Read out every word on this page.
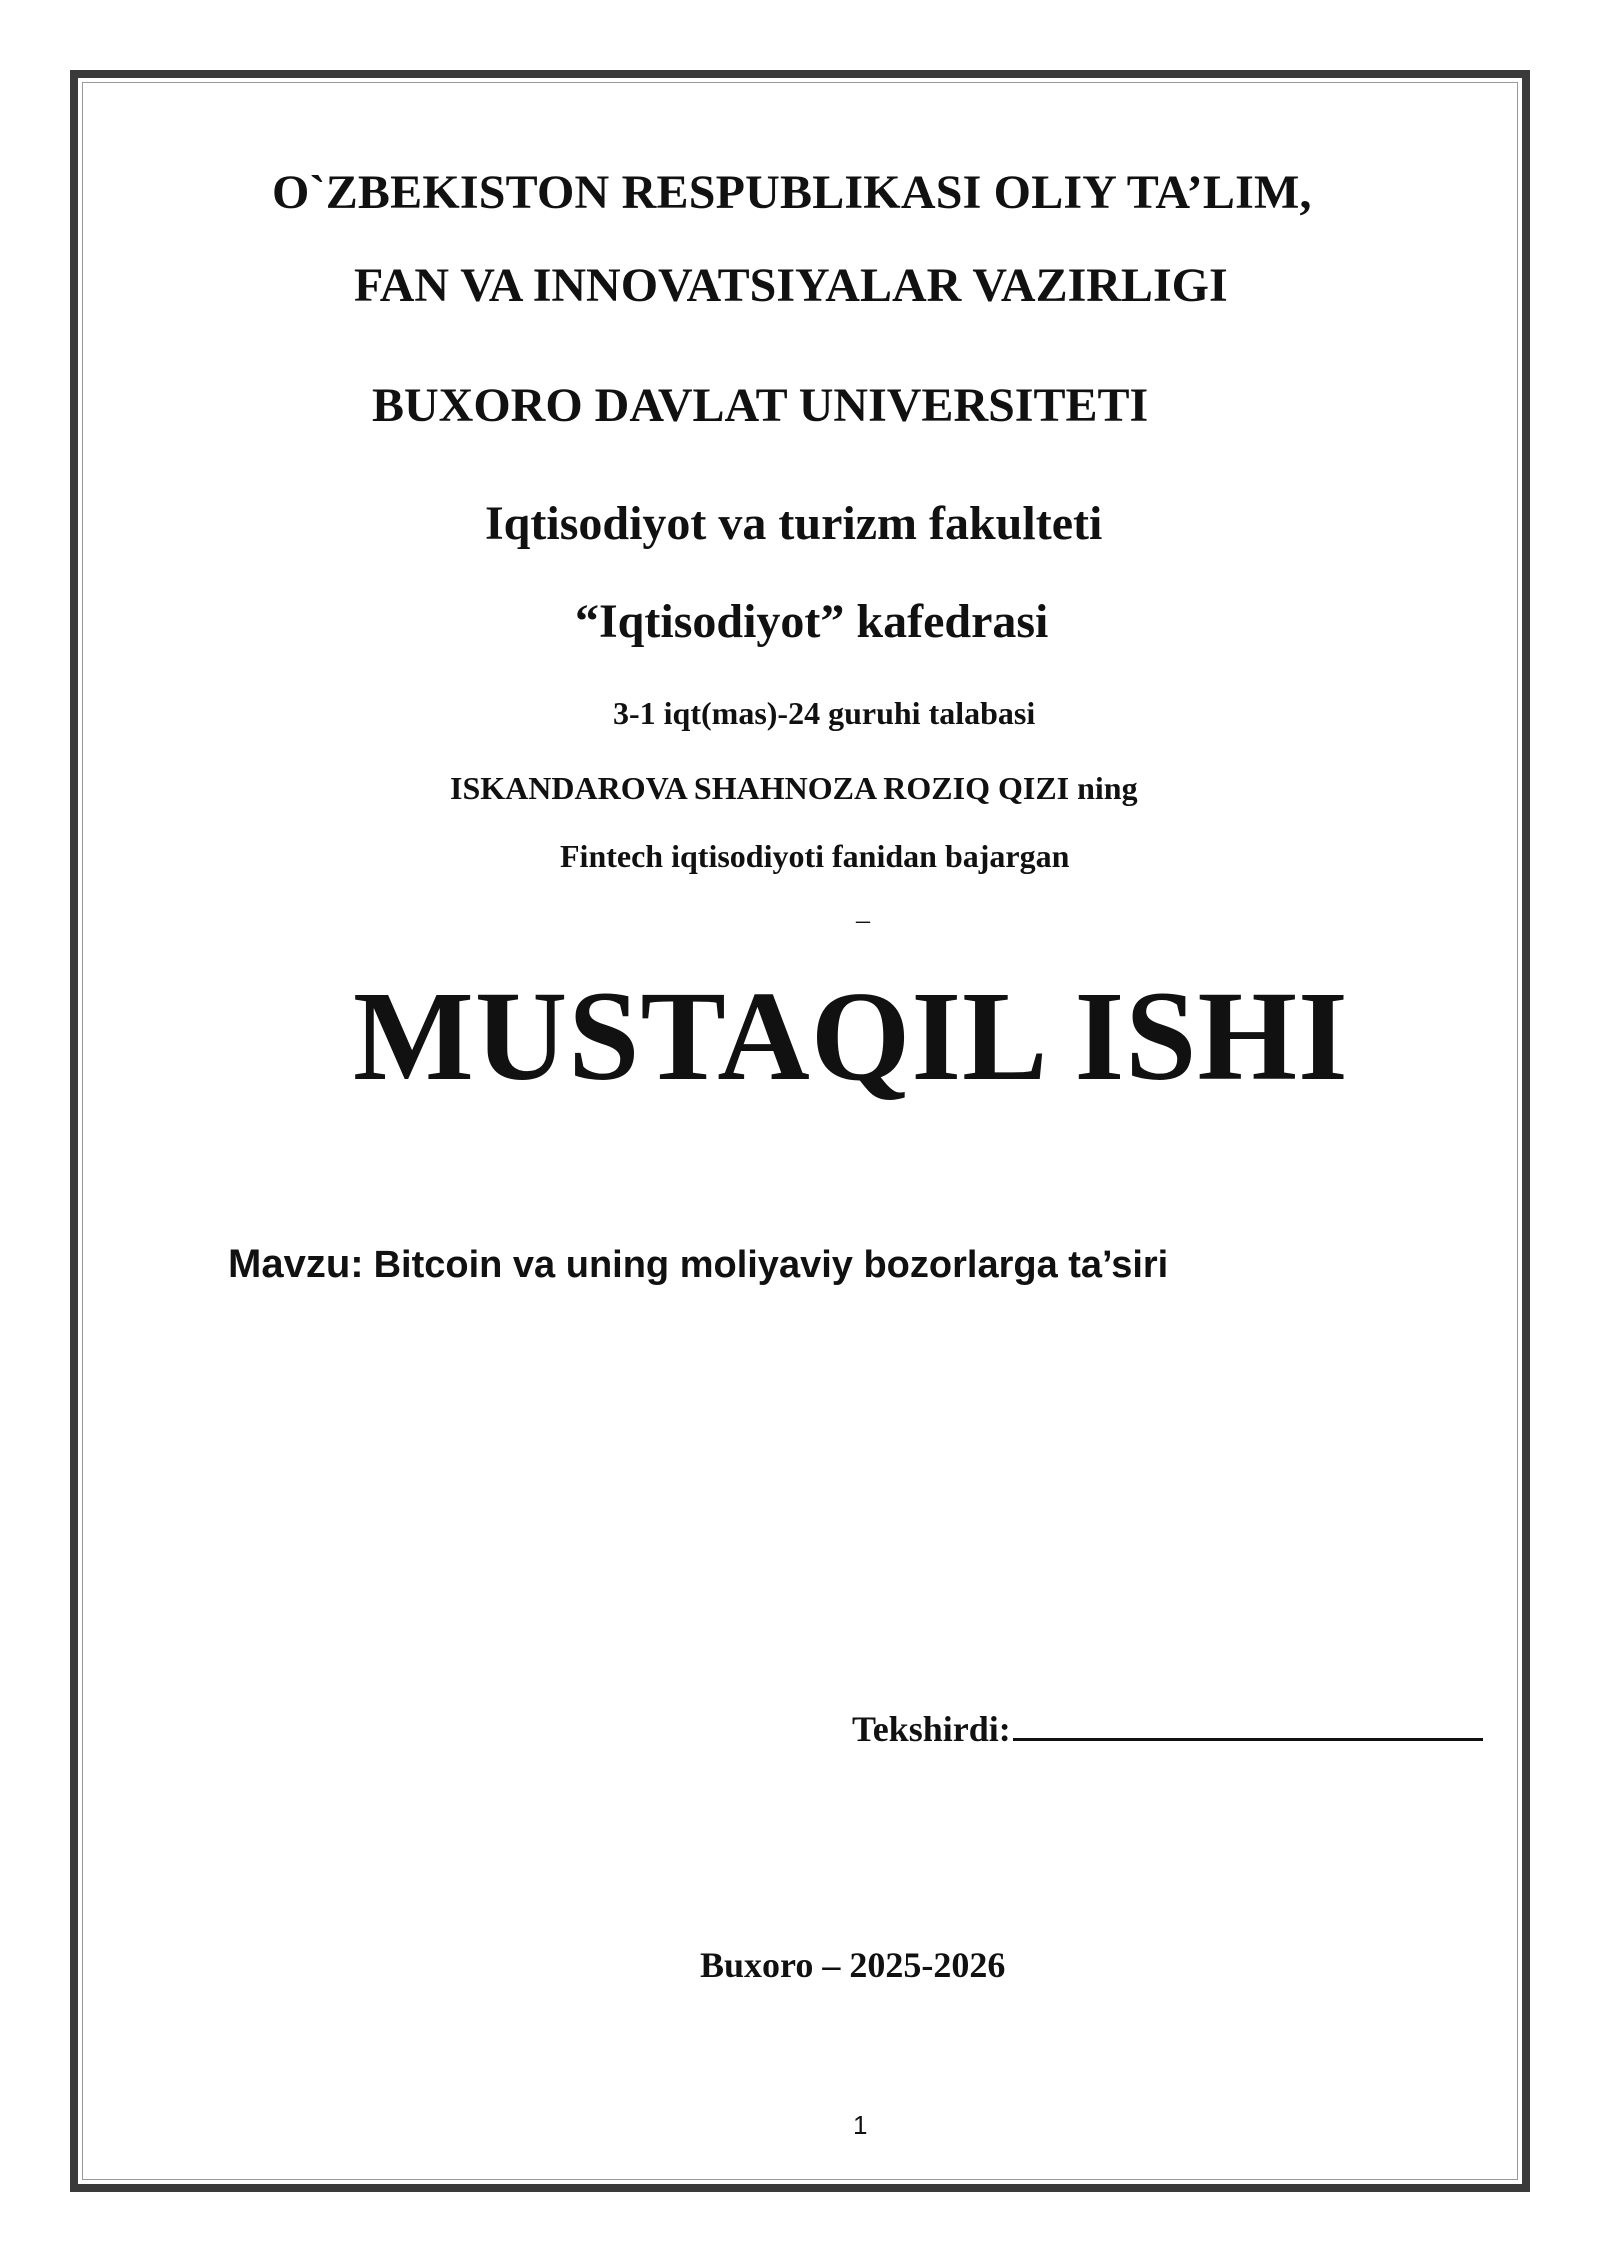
O`ZBEKISTON RESPUBLIKASI OLIY TA’LIM,
FAN VA INNOVATSIYALAR VAZIRLIGI
BUXORO DAVLAT UNIVERSITETI
Iqtisodiyot va turizm fakulteti
“Iqtisodiyot” kafedrasi
3-1 iqt(mas)-24 guruhi talabasi
ISKANDAROVA SHAHNOZA ROZIQ QIZI ning
Fintech iqtisodiyoti fanidan bajargan
–
MUSTAQIL ISHI
Mavzu: Bitcoin va uning moliyaviy bozorlarga ta’siri
Tekshirdi:
Buxoro – 2025-2026
1
